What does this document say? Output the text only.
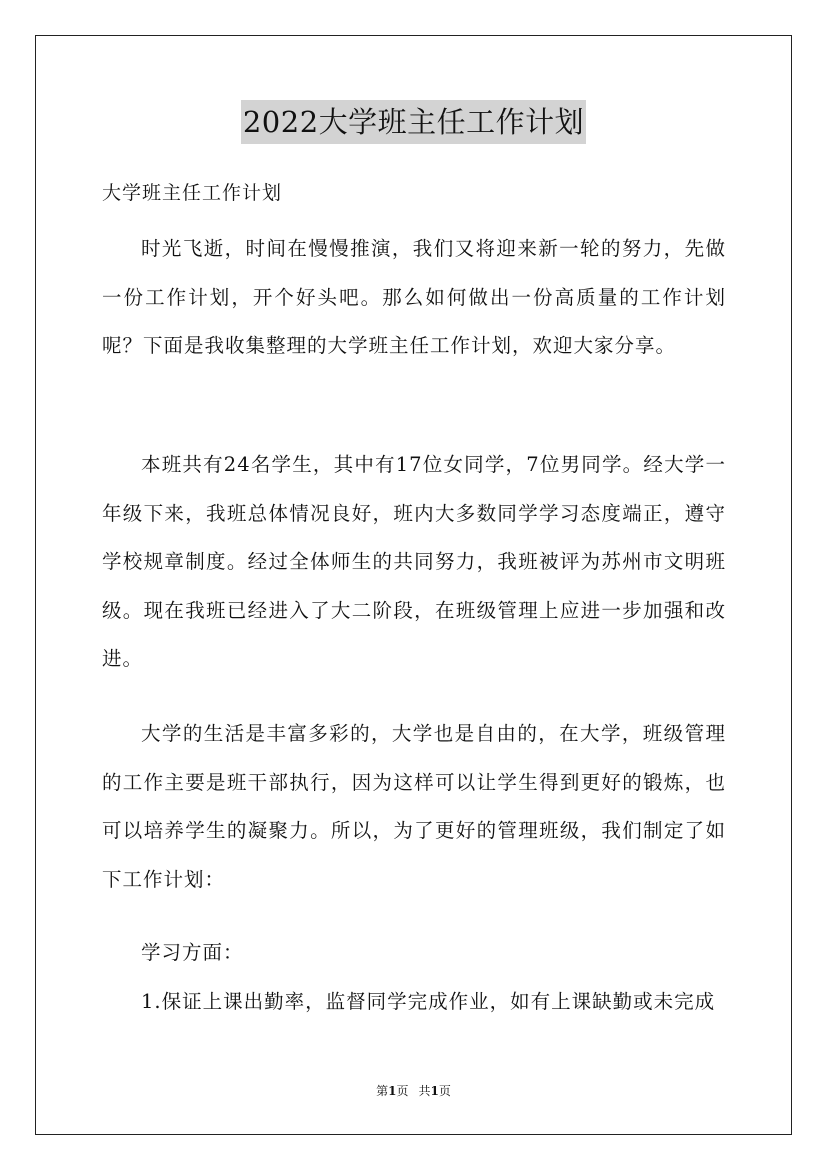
2022大学班主任工作计划
大学班主任工作计划

时光飞逝，时间在慢慢推演，我们又将迎来新一轮的努力，先做一份工作计划，开个好头吧。那么如何做出一份高质量的工作计划呢？下面是我收集整理的大学班主任工作计划，欢迎大家分享。

本班共有24名学生，其中有17位女同学，7位男同学。经大学一年级下来，我班总体情况良好，班内大多数同学学习态度端正，遵守学校规章制度。经过全体师生的共同努力，我班被评为苏州市文明班级。现在我班已经进入了大二阶段，在班级管理上应进一步加强和改进。

大学的生活是丰富多彩的，大学也是自由的，在大学，班级管理的工作主要是班干部执行，因为这样可以让学生得到更好的锻炼，也可以培养学生的凝聚力。所以，为了更好的管理班级，我们制定了如下工作计划：

学习方面：

1.保证上课出勤率，监督同学完成作业，如有上课缺勤或未完成

第1页 共1页
